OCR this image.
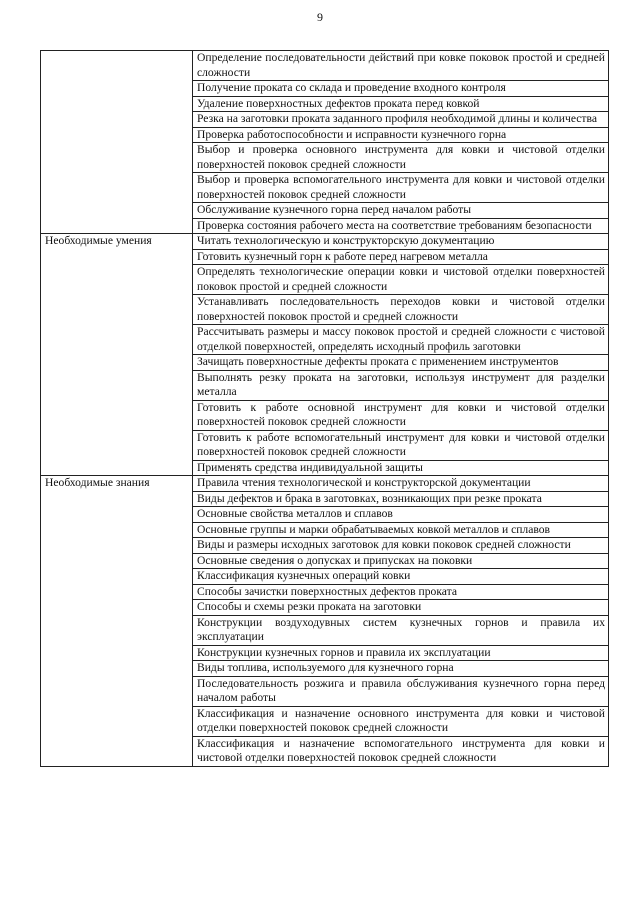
9
	Определение последовательности действий при ковке поковок простой и средней сложности
	Получение проката со склада и проведение входного контроля
	Удаление поверхностных дефектов проката перед ковкой
	Резка на заготовки проката заданного профиля необходимой длины и количества
	Проверка работоспособности и исправности кузнечного горна
	Выбор и проверка основного инструмента для ковки и чистовой отделки поверхностей поковок средней сложности
	Выбор и проверка вспомогательного инструмента для ковки и чистовой отделки поверхностей поковок средней сложности
	Обслуживание кузнечного горна перед началом работы
	Проверка состояния рабочего места на соответствие требованиям безопасности
Необходимые умения	Читать технологическую и конструкторскую документацию
	Готовить кузнечный горн к работе перед нагревом металла
	Определять технологические операции ковки и чистовой отделки поверхностей поковок простой и средней сложности
	Устанавливать последовательность переходов ковки и чистовой отделки поверхностей поковок простой и средней сложности
	Рассчитывать размеры и массу поковок простой и средней сложности с чистовой отделкой поверхностей, определять исходный профиль заготовки
	Зачищать поверхностные дефекты проката с применением инструментов
	Выполнять резку проката на заготовки, используя инструмент для разделки металла
	Готовить к работе основной инструмент для ковки и чистовой отделки поверхностей поковок средней сложности
	Готовить к работе вспомогательный инструмент для ковки и чистовой отделки поверхностей поковок средней сложности
	Применять средства индивидуальной защиты
Необходимые знания	Правила чтения технологической и конструкторской документации
	Виды дефектов и брака в заготовках, возникающих при резке проката
	Основные свойства металлов и сплавов
	Основные группы и марки обрабатываемых ковкой металлов и сплавов
	Виды и размеры исходных заготовок для ковки поковок средней сложности
	Основные сведения о допусках и припусках на поковки
	Классификация кузнечных операций ковки
	Способы зачистки поверхностных дефектов проката
	Способы и схемы резки проката на заготовки
	Конструкции воздуходувных систем кузнечных горнов и правила их эксплуатации
	Конструкции кузнечных горнов и правила их эксплуатации
	Виды топлива, используемого для кузнечного горна
	Последовательность розжига и правила обслуживания кузнечного горна перед началом работы
	Классификация и назначение основного инструмента для ковки и чистовой отделки поверхностей поковок средней сложности
	Классификация и назначение вспомогательного инструмента для ковки и чистовой отделки поверхностей поковок средней сложности
